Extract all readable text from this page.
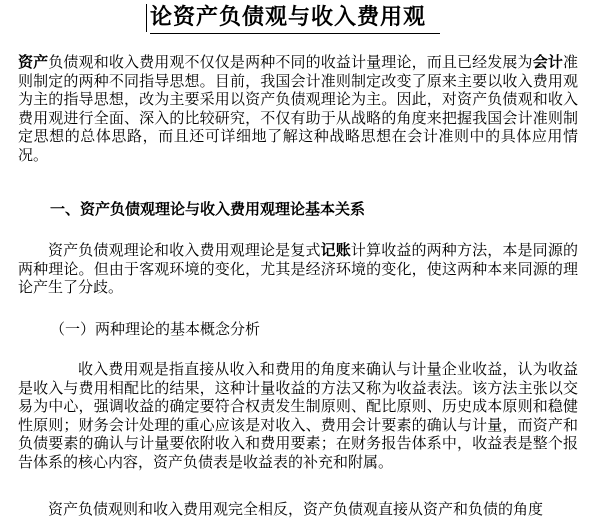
论资产负债观与收入费用观

资产负债观和收入费用观不仅仅是两种不同的收益计量理论，而且已经发展为会计准则制定的两种不同指导思想。目前，我国会计准则制定改变了原来主要以收入费用观为主的指导思想，改为主要采用以资产负债观理论为主。因此，对资产负债观和收入费用观进行全面、深入的比较研究，不仅有助于从战略的角度来把握我国会计准则制定思想的总体思路，而且还可详细地了解这种战略思想在会计准则中的具体应用情况。

一、资产负债观理论与收入费用观理论基本关系

资产负债观理论和收入费用观理论是复式记账计算收益的两种方法，本是同源的两种理论。但由于客观环境的变化，尤其是经济环境的变化，使这两种本来同源的理论产生了分歧。

（一）两种理论的基本概念分析

收入费用观是指直接从收入和费用的角度来确认与计量企业收益，认为收益是收入与费用相配比的结果，这种计量收益的方法又称为收益表法。该方法主张以交易为中心，强调收益的确定要符合权责发生制原则、配比原则、历史成本原则和稳健性原则；财务会计处理的重心应该是对收入、费用会计要素的确认与计量，而资产和负债要素的确认与计量要依附收入和费用要素；在财务报告体系中，收益表是整个报告体系的核心内容，资产负债表是收益表的补充和附属。

资产负债观则和收入费用观完全相反，资产负债观直接从资产和负债的角度
